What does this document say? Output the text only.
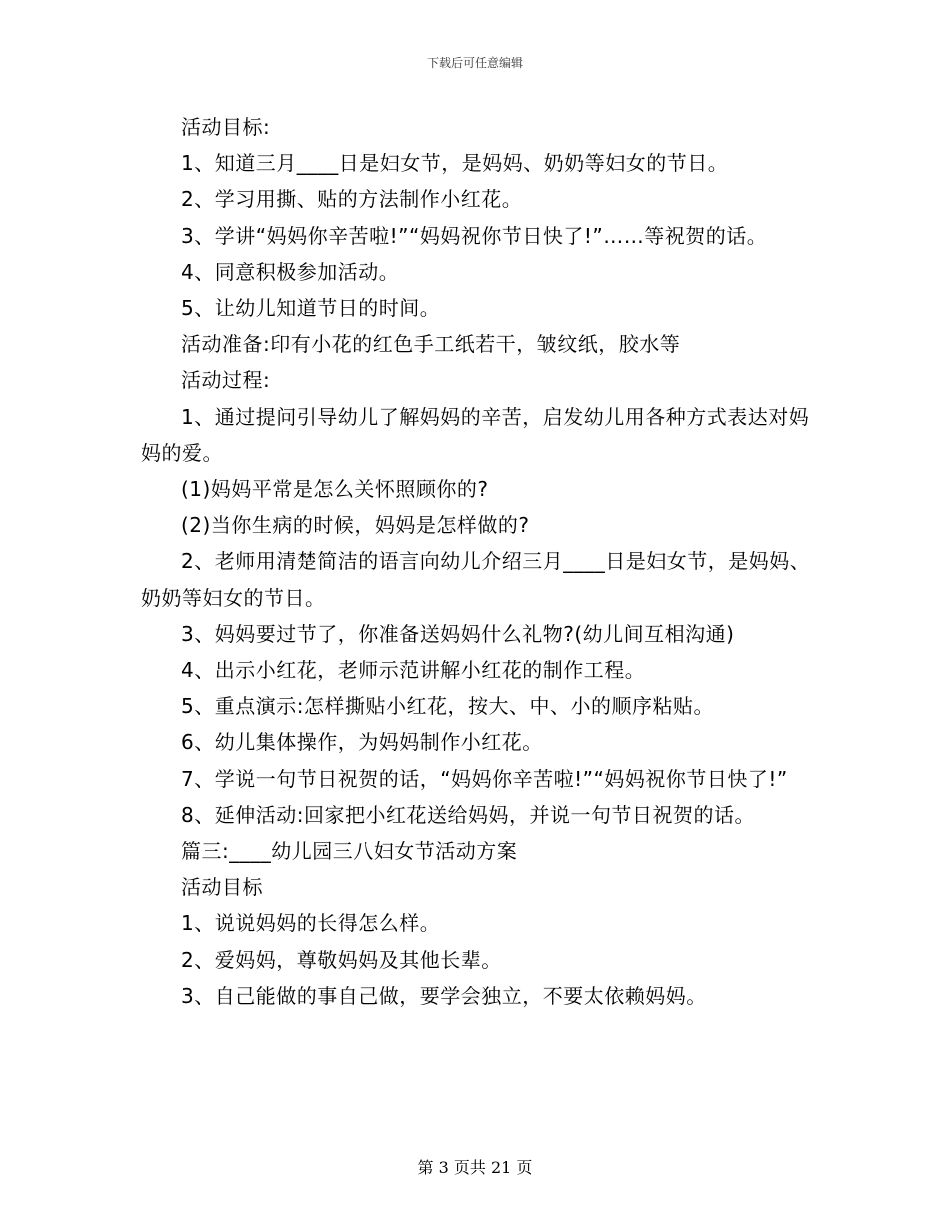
下载后可任意编辑

活动目标:

1、知道三月____日是妇女节，是妈妈、奶奶等妇女的节日。

2、学习用撕、贴的方法制作小红花。

3、学讲“妈妈你辛苦啦!”“妈妈祝你节日快了!”……等祝贺的话。

4、同意积极参加活动。

5、让幼儿知道节日的时间。

活动准备:印有小花的红色手工纸若干，皱纹纸，胶水等

活动过程:

1、通过提问引导幼儿了解妈妈的辛苦，启发幼儿用各种方式表达对妈妈的爱。

(1)妈妈平常是怎么关怀照顾你的?

(2)当你生病的时候，妈妈是怎样做的?

2、老师用清楚简洁的语言向幼儿介绍三月____日是妇女节，是妈妈、奶奶等妇女的节日。

3、妈妈要过节了，你准备送妈妈什么礼物?(幼儿间互相沟通)

4、出示小红花，老师示范讲解小红花的制作工程。

5、重点演示:怎样撕贴小红花，按大、中、小的顺序粘贴。

6、幼儿集体操作，为妈妈制作小红花。

7、学说一句节日祝贺的话，“妈妈你辛苦啦!”“妈妈祝你节日快了!”

8、延伸活动:回家把小红花送给妈妈，并说一句节日祝贺的话。

篇三:____幼儿园三八妇女节活动方案

活动目标

1、说说妈妈的长得怎么样。

2、爱妈妈，尊敬妈妈及其他长辈。

3、自己能做的事自己做，要学会独立，不要太依赖妈妈。

第 3 页共 21 页
